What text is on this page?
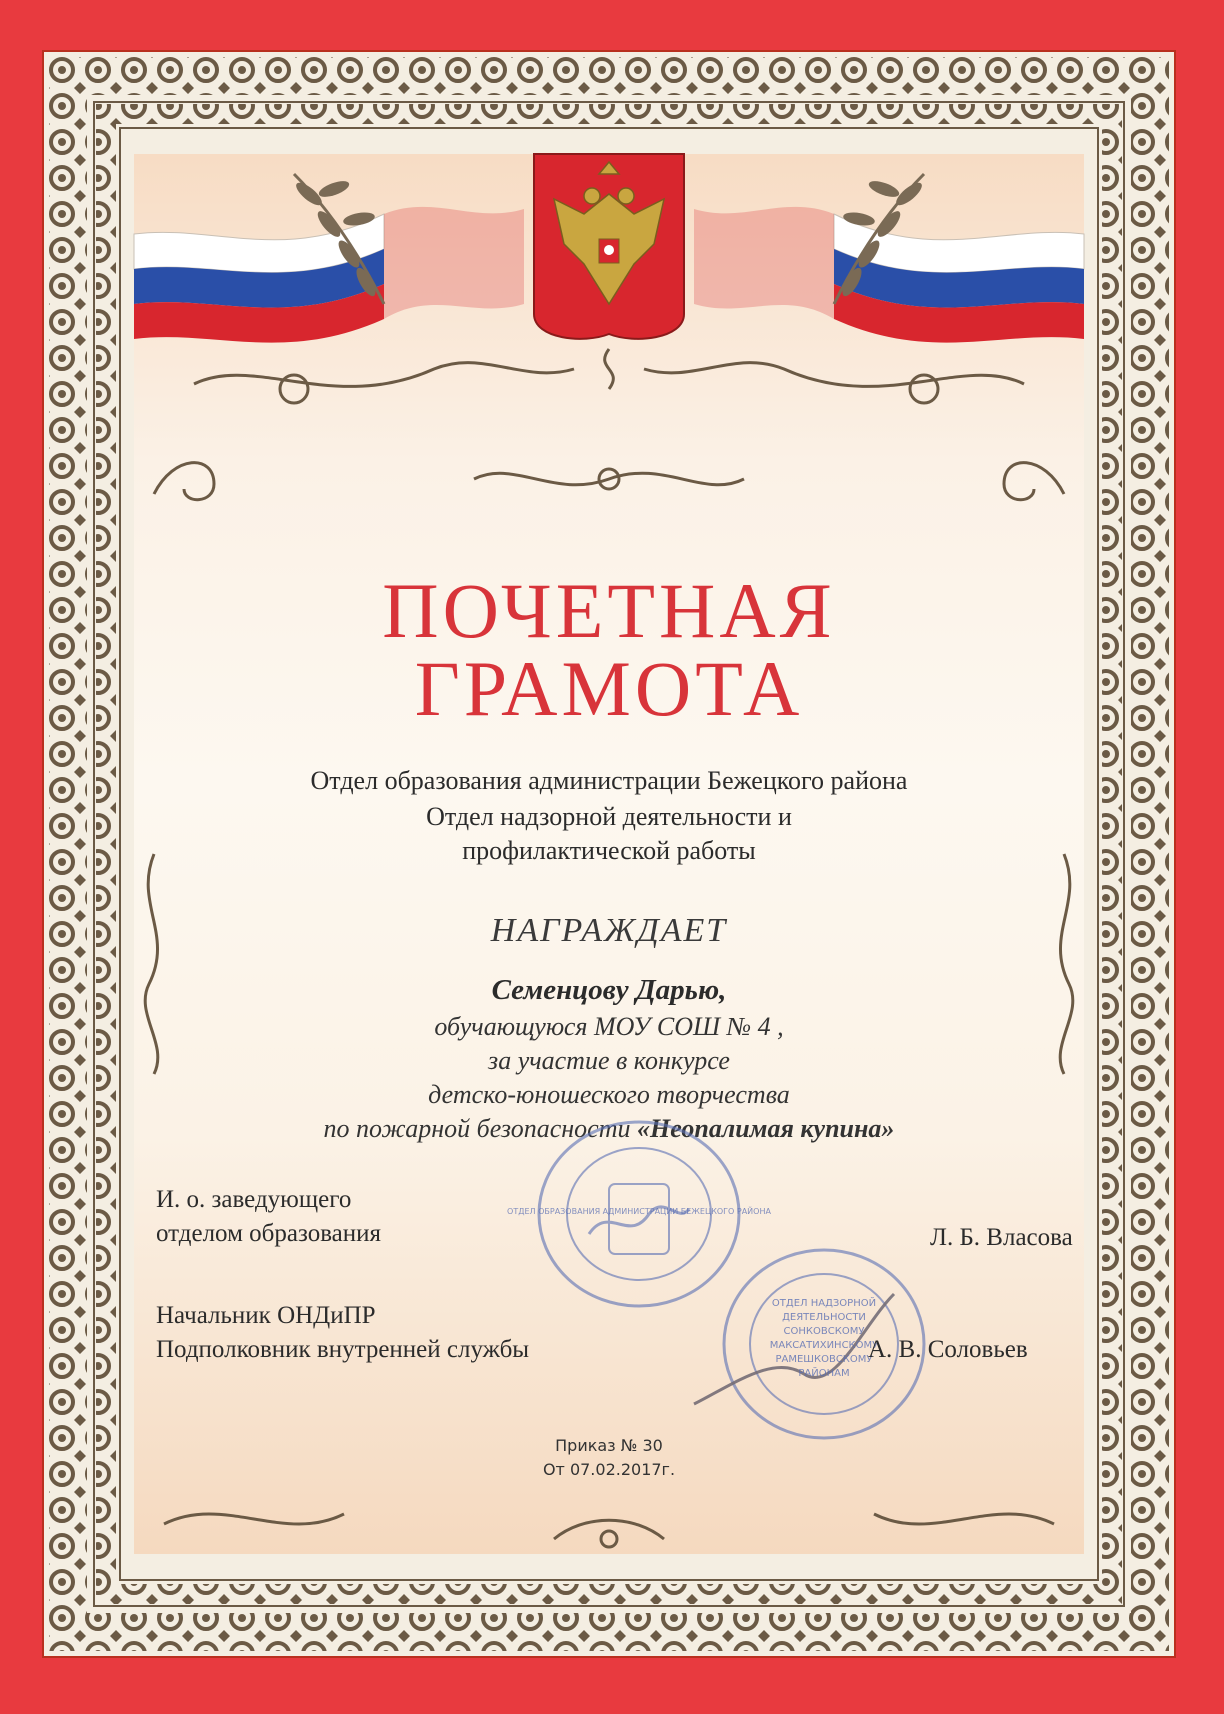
ПОЧЕТНАЯ
ГРАМОТА
Отдел образования администрации Бежецкого района
Отдел надзорной деятельности и
профилактической работы
НАГРАЖДАЕТ
Семенцову Дарью,
обучающуюся МОУ СОШ № 4 ,
за участие в конкурсе
детско-юношеского творчества
по пожарной безопасности «Неопалимая купина»
ОТДЕЛ ОБРАЗОВАНИЯ АДМИНИСТРАЦИИ БЕЖЕЦКОГО РАЙОНА
ОТДЕЛ НАДЗОРНОЙ
ДЕЯТЕЛЬНОСТИ
СОНКОВСКОМУ
МАКСАТИХИНСКОМУ
РАМЕШКОВСКОМУ
РАЙОНАМ
И. о. заведующего
отделом образования	Л. Б. Власова
Начальник ОНДиПР
Подполковник внутренней службы	А. В. Соловьев
Приказ № 30
От 07.02.2017г.
